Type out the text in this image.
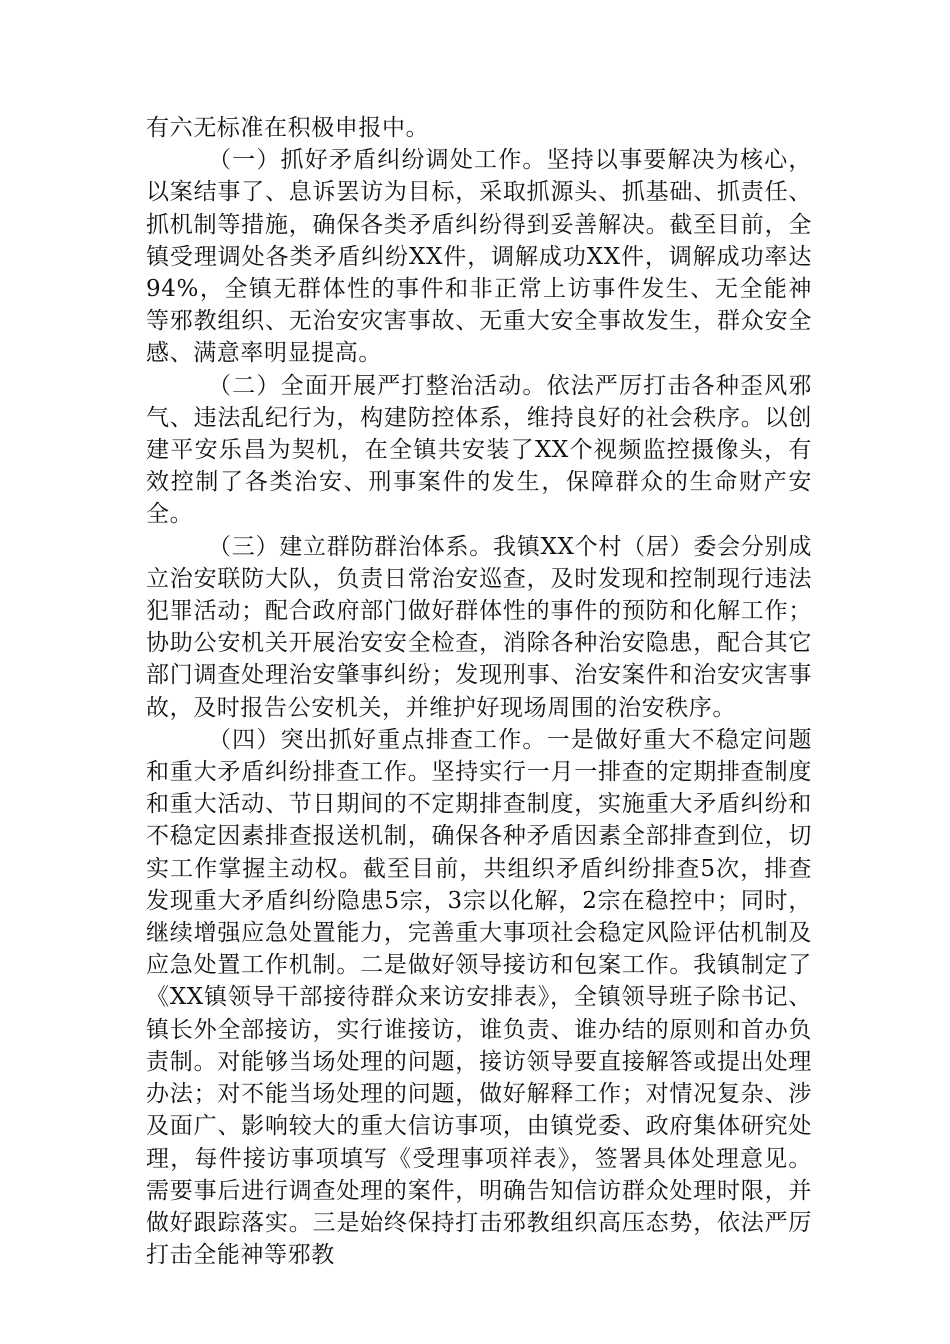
有六无标准在积极申报中。

（一）抓好矛盾纠纷调处工作。坚持以事要解决为核心，以案结事了、息诉罢访为目标，采取抓源头、抓基础、抓责任、抓机制等措施，确保各类矛盾纠纷得到妥善解决。截至目前，全镇受理调处各类矛盾纠纷XX件，调解成功XX件，调解成功率达94%，全镇无群体性的事件和非正常上访事件发生、无全能神等邪教组织、无治安灾害事故、无重大安全事故发生，群众安全感、满意率明显提高。

（二）全面开展严打整治活动。依法严厉打击各种歪风邪气、违法乱纪行为，构建防控体系，维持良好的社会秩序。以创建平安乐昌为契机，在全镇共安装了XX个视频监控摄像头，有效控制了各类治安、刑事案件的发生，保障群众的生命财产安全。

（三）建立群防群治体系。我镇XX个村（居）委会分别成立治安联防大队，负责日常治安巡查，及时发现和控制现行违法犯罪活动；配合政府部门做好群体性的事件的预防和化解工作；协助公安机关开展治安安全检查，消除各种治安隐患，配合其它部门调查处理治安肇事纠纷；发现刑事、治安案件和治安灾害事故，及时报告公安机关，并维护好现场周围的治安秩序。

（四）突出抓好重点排查工作。一是做好重大不稳定问题和重大矛盾纠纷排查工作。坚持实行一月一排查的定期排查制度和重大活动、节日期间的不定期排查制度，实施重大矛盾纠纷和不稳定因素排查报送机制，确保各种矛盾因素全部排查到位，切实工作掌握主动权。截至目前，共组织矛盾纠纷排查5次，排查发现重大矛盾纠纷隐患5宗，3宗以化解，2宗在稳控中；同时，继续增强应急处置能力，完善重大事项社会稳定风险评估机制及应急处置工作机制。二是做好领导接访和包案工作。我镇制定了《XX镇领导干部接待群众来访安排表》，全镇领导班子除书记、镇长外全部接访，实行谁接访，谁负责、谁办结的原则和首办负责制。对能够当场处理的问题，接访领导要直接解答或提出处理办法；对不能当场处理的问题，做好解释工作；对情况复杂、涉及面广、影响较大的重大信访事项，由镇党委、政府集体研究处理，每件接访事项填写《受理事项祥表》，签署具体处理意见。需要事后进行调查处理的案件，明确告知信访群众处理时限，并做好跟踪落实。三是始终保持打击邪教组织高压态势，依法严厉打击全能神等邪教
